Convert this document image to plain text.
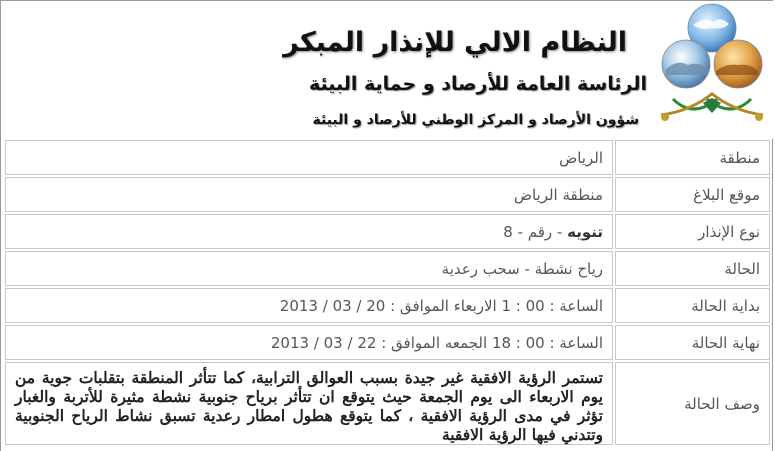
النظام الالي للإنذار المبكر
الرئاسة العامة للأرصاد و حماية البيئة
شؤون الأرصاد و المركز الوطني للأرصاد و البيئة
منطقة	الرياض
موقع البلاغ	منطقة الرياض
نوع الإنذار	تنويه - رقم - 8
الحالة	رياح نشطة - سحب رعدية
بداية الحالة	الساعة : 00 : 1 الاربعاء الموافق : 20 / 03 / 2013
نهاية الحالة	الساعة : 00 : 18 الجمعه الموافق : 22 / 03 / 2013
وصف الحالة	تستمر الرؤية الافقية غير جيدة بسبب العوالق الترابية، كما تتأثر المنطقة بتقلبات جوية من يوم الاربعاء الى يوم الجمعة حيث يتوقع ان تتأثر برياح جنوبية نشطة مثيرة للأتربة والغبار تؤثر في مدى الرؤية الافقية ، كما يتوقع هطول امطار رعدية تسبق نشاط الرياح الجنوبية وتتدني فيها الرؤية الافقية
